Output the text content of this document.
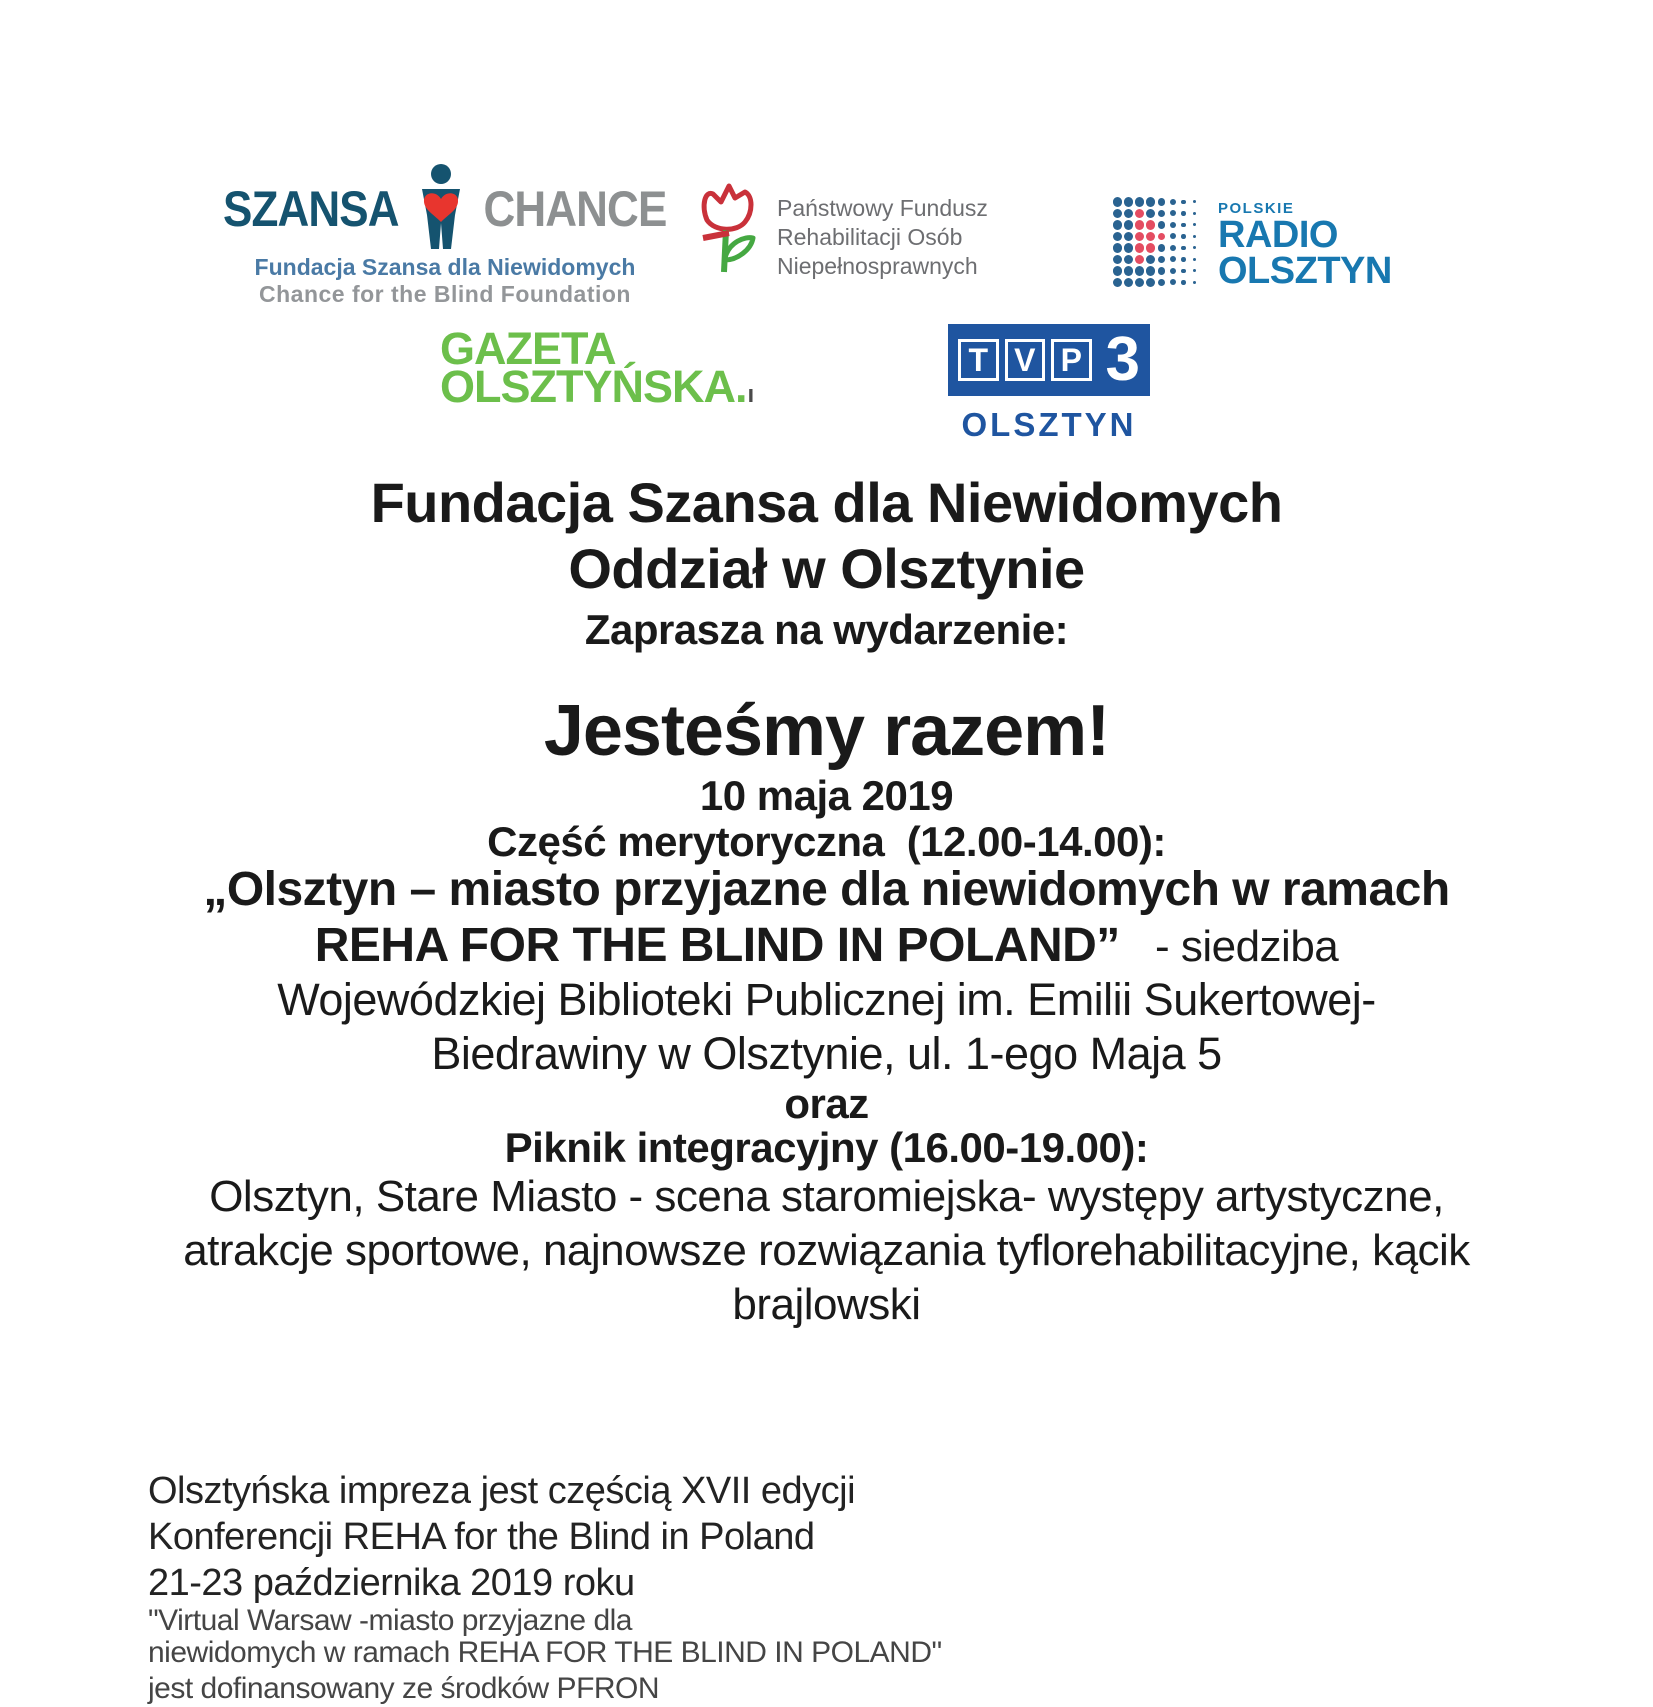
SZANSA CHANCE
Fundacja Szansa dla Niewidomych
Chance for the Blind Foundation
Państwowy Fundusz
Rehabilitacji Osób
Niepełnosprawnych
POLSKIE
RADIO
OLSZTYN
GAZETA
OLSZTYŃSKA.ı
T V P 3
OLSZTYN
Fundacja Szansa dla Niewidomych
Oddział w Olsztynie
Zaprasza na wydarzenie:
Jesteśmy razem!
10 maja 2019
Część merytoryczna  (12.00-14.00):
„Olsztyn – miasto przyjazne dla niewidomych w ramach
REHA FOR THE BLIND IN POLAND”   - siedziba
Wojewódzkiej Biblioteki Publicznej im. Emilii Sukertowej-
Biedrawiny w Olsztynie, ul. 1-ego Maja 5
oraz
Piknik integracyjny (16.00-19.00):
Olsztyn, Stare Miasto - scena staromiejska- występy artystyczne,
atrakcje sportowe, najnowsze rozwiązania tyflorehabilitacyjne, kącik
brajlowski
Olsztyńska impreza jest częścią XVII edycji
Konferencji REHA for the Blind in Poland
21-23 października 2019 roku
"Virtual Warsaw -miasto przyjazne dla
niewidomych w ramach REHA FOR THE BLIND IN POLAND"
jest dofinansowany ze środków PFRON
